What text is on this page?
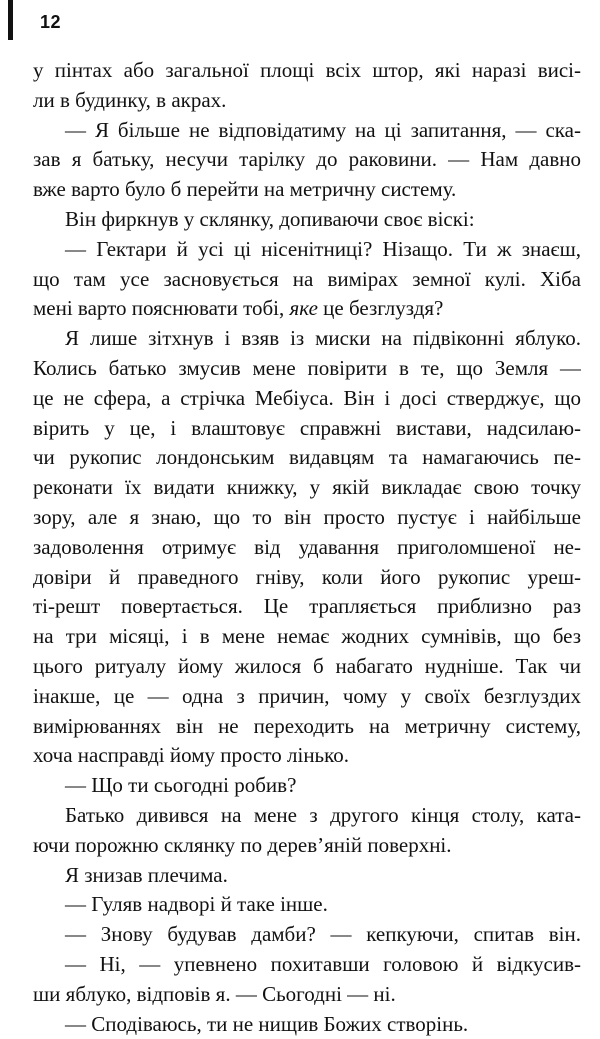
12
у пінтах або загальної площі всіх штор, які наразі висі-
ли в будинку, в акрах.
— Я більше не відповідатиму на ці запитання, — ска-
зав я батьку, несучи тарілку до раковини. — Нам давно
вже варто було б перейти на метричну систему.
Він фиркнув у склянку, допиваючи своє віскі:
— Гектари й усі ці нісенітниці? Нізащо. Ти ж знаєш,
що там усе засновується на вимірах земної кулі. Хіба
мені варто пояснювати тобі, яке це безглуздя?
Я лише зітхнув і взяв із миски на підвіконні яблуко.
Колись батько змусив мене повірити в те, що Земля —
це не сфера, а стрічка Мебіуса. Він і досі стверджує, що
вірить у це, і влаштовує справжні вистави, надсилаю-
чи рукопис лондонським видавцям та намагаючись пе-
реконати їх видати книжку, у якій викладає свою точку
зору, але я знаю, що то він просто пустує і найбільше
задоволення отримує від удавання приголомшеної не-
довіри й праведного гніву, коли його рукопис уреш-
ті-решт повертається. Це трапляється приблизно раз
на три місяці, і в мене немає жодних сумнівів, що без
цього ритуалу йому жилося б набагато нудніше. Так чи
інакше, це — одна з причин, чому у своїх безглуздих
вимірюваннях він не переходить на метричну систему,
хоча насправді йому просто лінько.
— Що ти сьогодні робив?
Батько дивився на мене з другого кінця столу, ката-
ючи порожню склянку по дерев’яній поверхні.
Я знизав плечима.
— Гуляв надворі й таке інше.
— Знову будував дамби? — кепкуючи, спитав він.
— Ні, — упевнено похитавши головою й відкусив-
ши яблуко, відповів я. — Сьогодні — ні.
— Сподіваюсь, ти не нищив Божих створінь.
